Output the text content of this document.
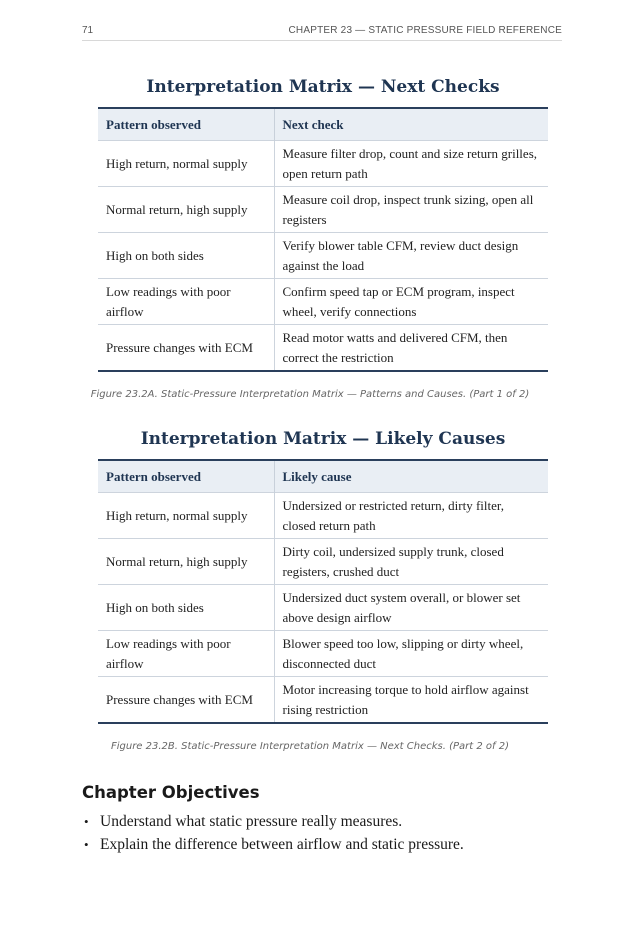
71	CHAPTER 23 — STATIC PRESSURE FIELD REFERENCE
Interpretation Matrix — Next Checks
Pattern observed	Next check
High return, normal supply	Measure filter drop, count and size return grilles, open return path
Normal return, high supply	Measure coil drop, inspect trunk sizing, open all registers
High on both sides	Verify blower table CFM, review duct design against the load
Low readings with poor airflow	Confirm speed tap or ECM program, inspect wheel, verify connections
Pressure changes with ECM	Read motor watts and delivered CFM, then correct the restriction
Figure 23.2A. Static-Pressure Interpretation Matrix — Patterns and Causes. (Part 1 of 2)
Interpretation Matrix — Likely Causes
Pattern observed	Likely cause
High return, normal supply	Undersized or restricted return, dirty filter, closed return path
Normal return, high supply	Dirty coil, undersized supply trunk, closed registers, crushed duct
High on both sides	Undersized duct system overall, or blower set above design airflow
Low readings with poor airflow	Blower speed too low, slipping or dirty wheel, disconnected duct
Pressure changes with ECM	Motor increasing torque to hold airflow against rising restriction
Figure 23.2B. Static-Pressure Interpretation Matrix — Next Checks. (Part 2 of 2)
Chapter Objectives
• Understand what static pressure really measures.
• Explain the difference between airflow and static pressure.
